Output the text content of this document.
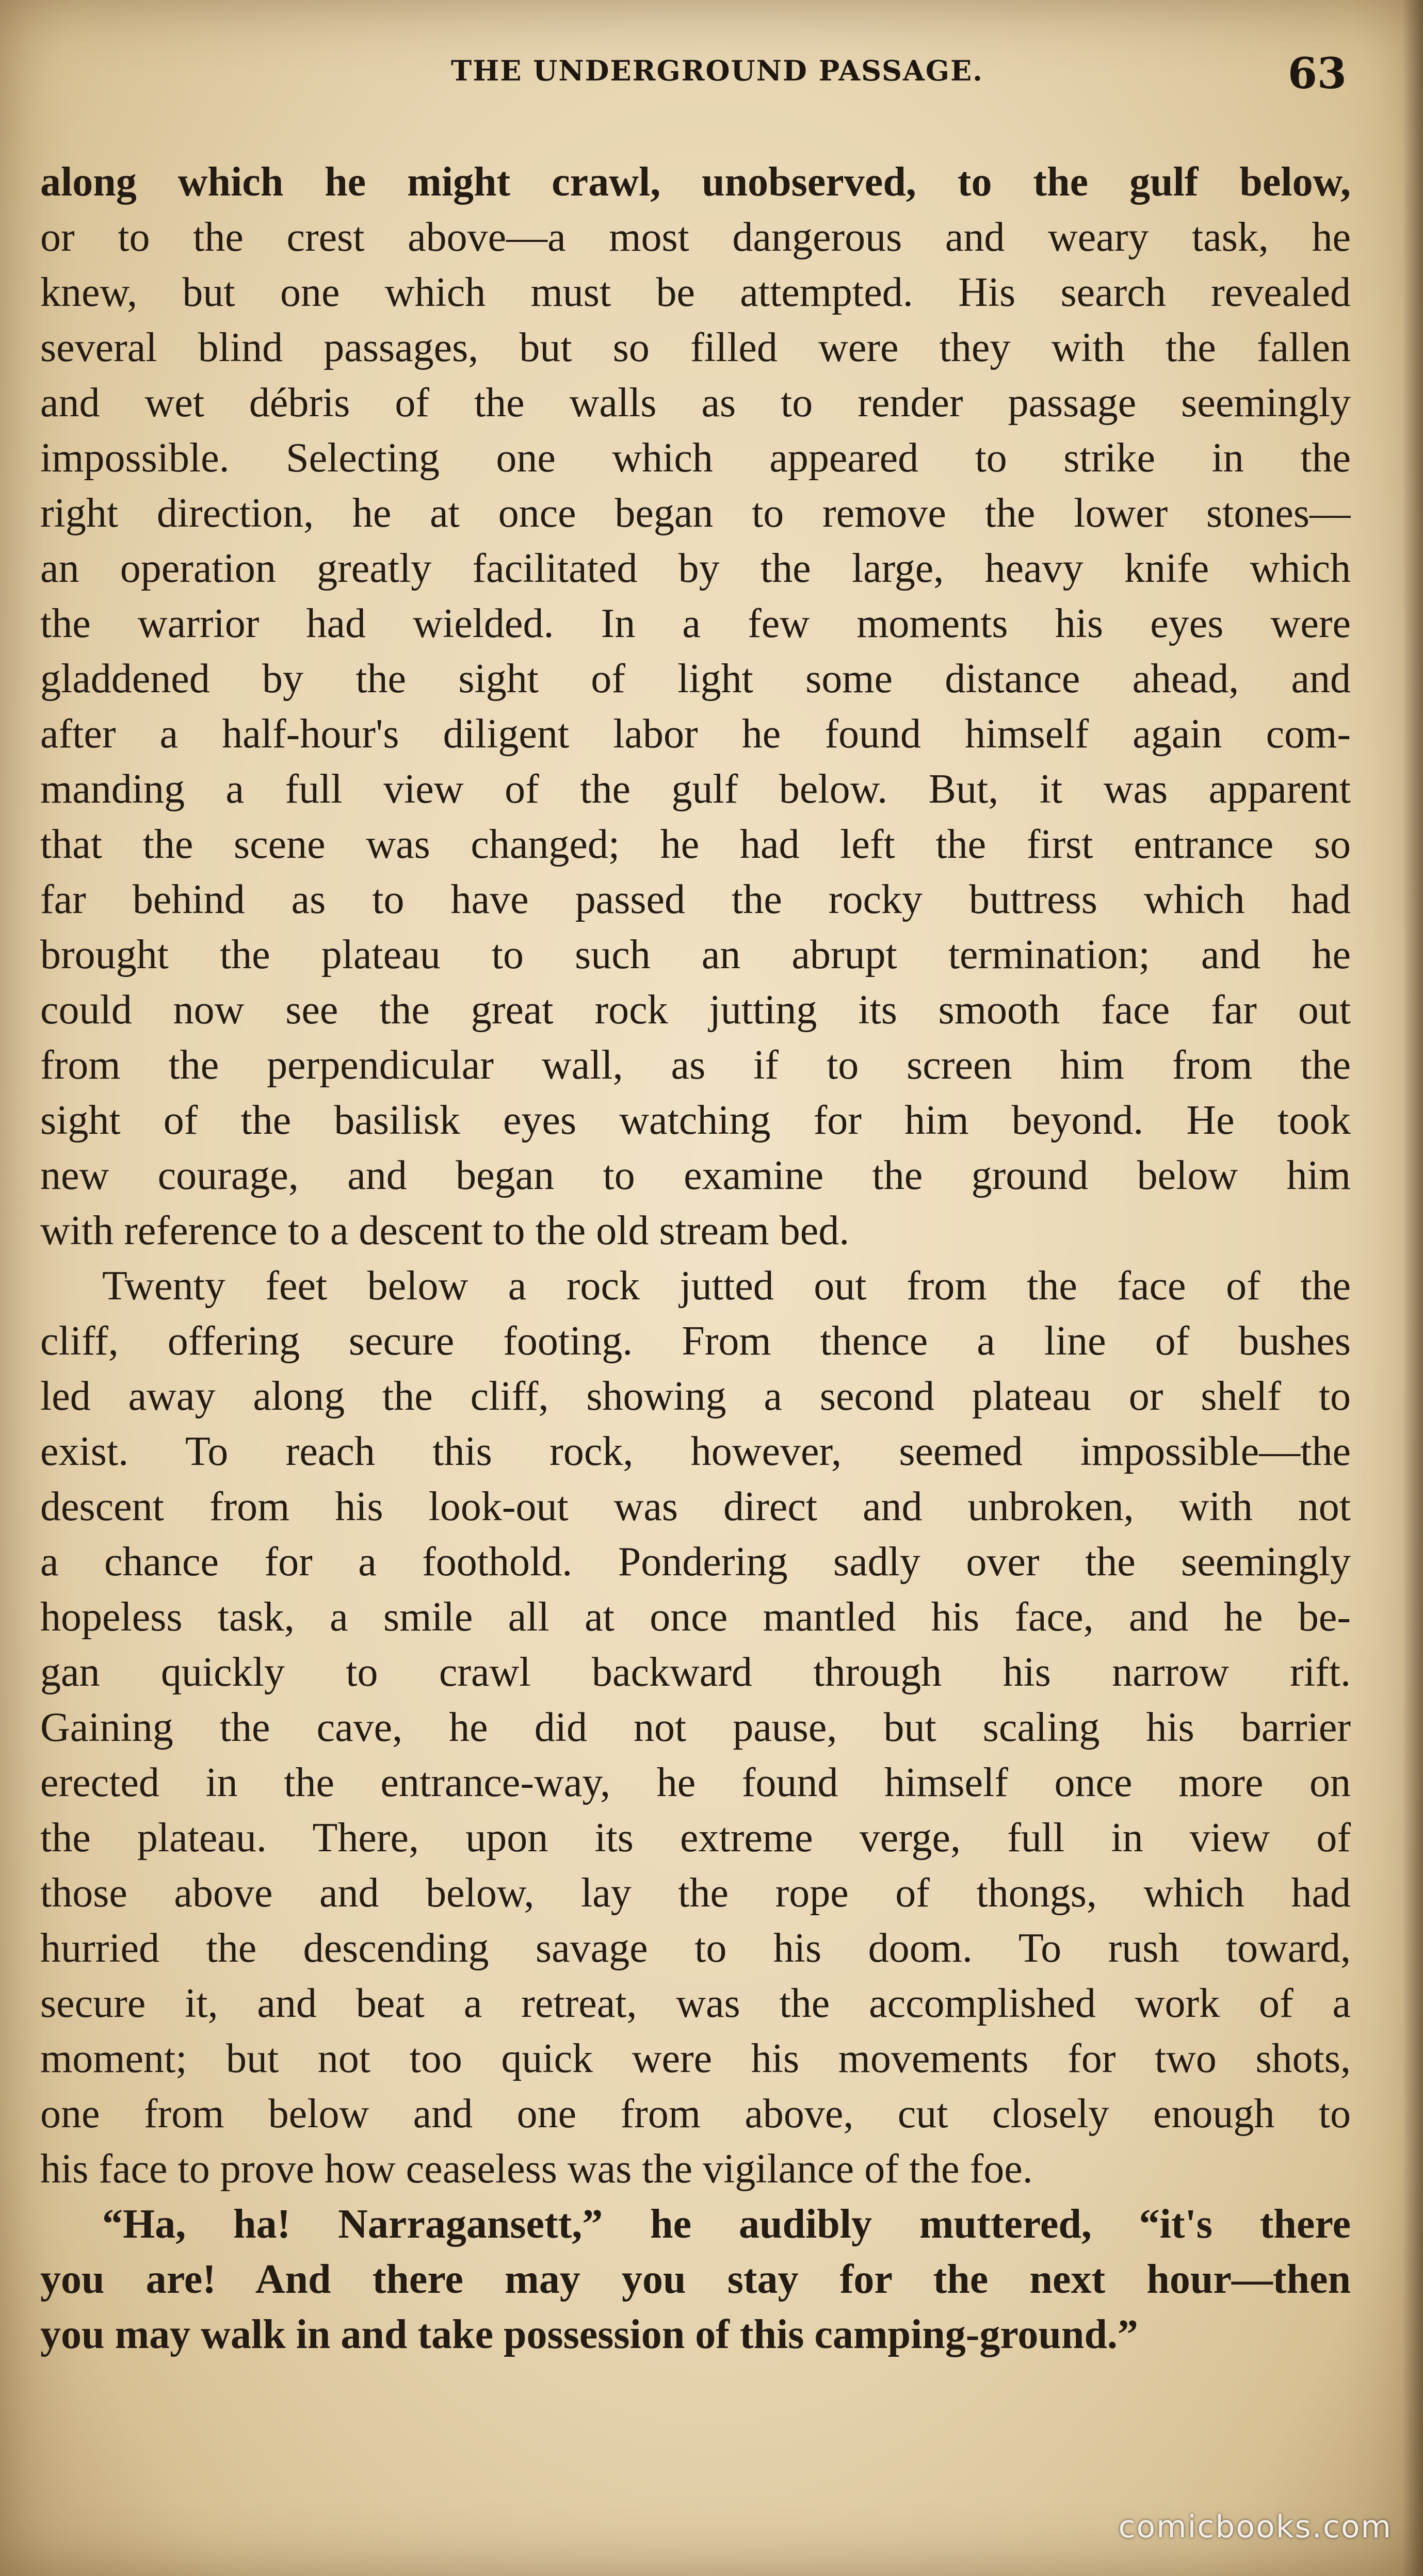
THE UNDERGROUND PASSAGE.	63
along which he might crawl, unobserved, to the gulf below,
or to the crest above—a most dangerous and weary task, he
knew, but one which must be attempted. His search revealed
several blind passages, but so filled were they with the fallen
and wet débris of the walls as to render passage seemingly
impossible. Selecting one which appeared to strike in the
right direction, he at once began to remove the lower stones—
an operation greatly facilitated by the large, heavy knife which
the warrior had wielded. In a few moments his eyes were
gladdened by the sight of light some distance ahead, and
after a half-hour's diligent labor he found himself again com-
manding a full view of the gulf below. But, it was apparent
that the scene was changed; he had left the first entrance so
far behind as to have passed the rocky buttress which had
brought the plateau to such an abrupt termination; and he
could now see the great rock jutting its smooth face far out
from the perpendicular wall, as if to screen him from the
sight of the basilisk eyes watching for him beyond. He took
new courage, and began to examine the ground below him
with reference to a descent to the old stream bed.
Twenty feet below a rock jutted out from the face of the
cliff, offering secure footing. From thence a line of bushes
led away along the cliff, showing a second plateau or shelf to
exist. To reach this rock, however, seemed impossible—the
descent from his look-out was direct and unbroken, with not
a chance for a foothold. Pondering sadly over the seemingly
hopeless task, a smile all at once mantled his face, and he be-
gan quickly to crawl backward through his narrow rift.
Gaining the cave, he did not pause, but scaling his barrier
erected in the entrance-way, he found himself once more on
the plateau. There, upon its extreme verge, full in view of
those above and below, lay the rope of thongs, which had
hurried the descending savage to his doom. To rush toward,
secure it, and beat a retreat, was the accomplished work of a
moment; but not too quick were his movements for two shots,
one from below and one from above, cut closely enough to
his face to prove how ceaseless was the vigilance of the foe.
“Ha, ha! Narragansett,” he audibly muttered, “it's there
you are! And there may you stay for the next hour—then
you may walk in and take possession of this camping-ground.”
comicbooks.com
